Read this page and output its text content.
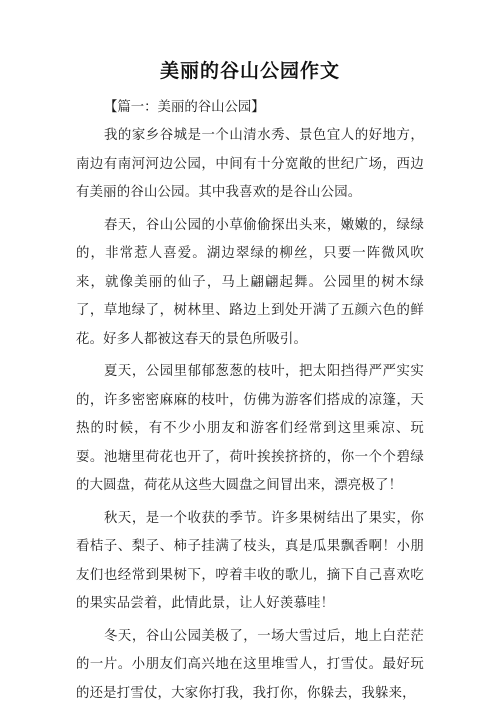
美丽的谷山公园作文

【篇一：美丽的谷山公园】

我的家乡谷城是一个山清水秀、景色宜人的好地方，南边有南河河边公园，中间有十分宽敞的世纪广场，西边有美丽的谷山公园。其中我喜欢的是谷山公园。

春天，谷山公园的小草偷偷探出头来，嫩嫩的，绿绿的，非常惹人喜爱。湖边翠绿的柳丝，只要一阵微风吹来，就像美丽的仙子，马上翩翩起舞。公园里的树木绿了，草地绿了，树林里、路边上到处开满了五颜六色的鲜花。好多人都被这春天的景色所吸引。

夏天，公园里郁郁葱葱的枝叶，把太阳挡得严严实实的，许多密密麻麻的枝叶，仿佛为游客们搭成的凉篷，天热的时候，有不少小朋友和游客们经常到这里乘凉、玩耍。池塘里荷花也开了，荷叶挨挨挤挤的，你一个个碧绿的大圆盘，荷花从这些大圆盘之间冒出来，漂亮极了！

秋天，是一个收获的季节。许多果树结出了果实，你看桔子、梨子、柿子挂满了枝头，真是瓜果飘香啊！小朋友们也经常到果树下，哼着丰收的歌儿，摘下自己喜欢吃的果实品尝着，此情此景，让人好羡慕哇！

冬天，谷山公园美极了，一场大雪过后，地上白茫茫的一片。小朋友们高兴地在这里堆雪人，打雪仗。最好玩的还是打雪仗，大家你打我，我打你，你躲去，我躲来，
